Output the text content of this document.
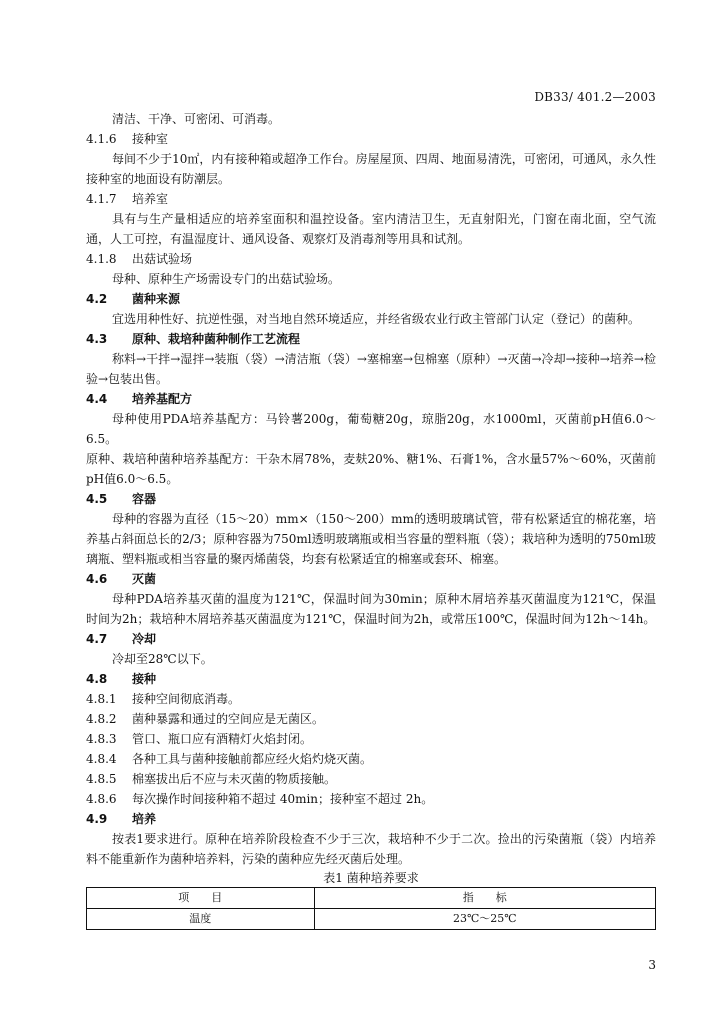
DB33/ 401.2—2003

清洁、干净、可密闭、可消毒。

4.1.6 接种室

每间不少于10㎡，内有接种箱或超净工作台。房屋屋顶、四周、地面易清洗，可密闭，可通风，永久性接种室的地面设有防潮层。

4.1.7 培养室

具有与生产量相适应的培养室面积和温控设备。室内清洁卫生，无直射阳光，门窗在南北面，空气流通，人工可控，有温湿度计、通风设备、观察灯及消毒剂等用具和试剂。

4.1.8 出菇试验场

母种、原种生产场需设专门的出菇试验场。

4.2 菌种来源

宜选用种性好、抗逆性强，对当地自然环境适应，并经省级农业行政主管部门认定（登记）的菌种。

4.3 原种、栽培种菌种制作工艺流程

称料→干拌→湿拌→装瓶（袋）→清洁瓶（袋）→塞棉塞→包棉塞（原种）→灭菌→冷却→接种→培养→检验→包装出售。

4.4 培养基配方

母种使用PDA培养基配方：马铃薯200g，葡萄糖20g，琼脂20g，水1000ml，灭菌前pH值6.0～6.5。

原种、栽培种菌种培养基配方：干杂木屑78%，麦麸20%、糖1%、石膏1%，含水量57%～60%，灭菌前pH值6.0～6.5。

4.5 容器

母种的容器为直径（15～20）mm×（150～200）mm的透明玻璃试管，带有松紧适宜的棉花塞，培养基占斜面总长的2/3；原种容器为750ml透明玻璃瓶或相当容量的塑料瓶（袋）；栽培种为透明的750ml玻璃瓶、塑料瓶或相当容量的聚丙烯菌袋，均套有松紧适宜的棉塞或套环、棉塞。

4.6 灭菌

母种PDA培养基灭菌的温度为121℃，保温时间为30min；原种木屑培养基灭菌温度为121℃，保温时间为2h；栽培种木屑培养基灭菌温度为121℃，保温时间为2h，或常压100℃，保温时间为12h～14h。

4.7 冷却

冷却至28℃以下。

4.8 接种
4.8.1 接种空间彻底消毒。
4.8.2 菌种暴露和通过的空间应是无菌区。
4.8.3 管口、瓶口应有酒精灯火焰封闭。
4.8.4 各种工具与菌种接触前都应经火焰灼烧灭菌。
4.8.5 棉塞拔出后不应与未灭菌的物质接触。
4.8.6 每次操作时间接种箱不超过 40min；接种室不超过 2h。
4.9 培养

按表1要求进行。原种在培养阶段检查不少于三次，栽培种不少于二次。捡出的污染菌瓶（袋）内培养料不能重新作为菌种培养料，污染的菌种应先经灭菌后处理。

表1 菌种培养要求

项　　目	指　　标
温度	23℃～25℃
3
